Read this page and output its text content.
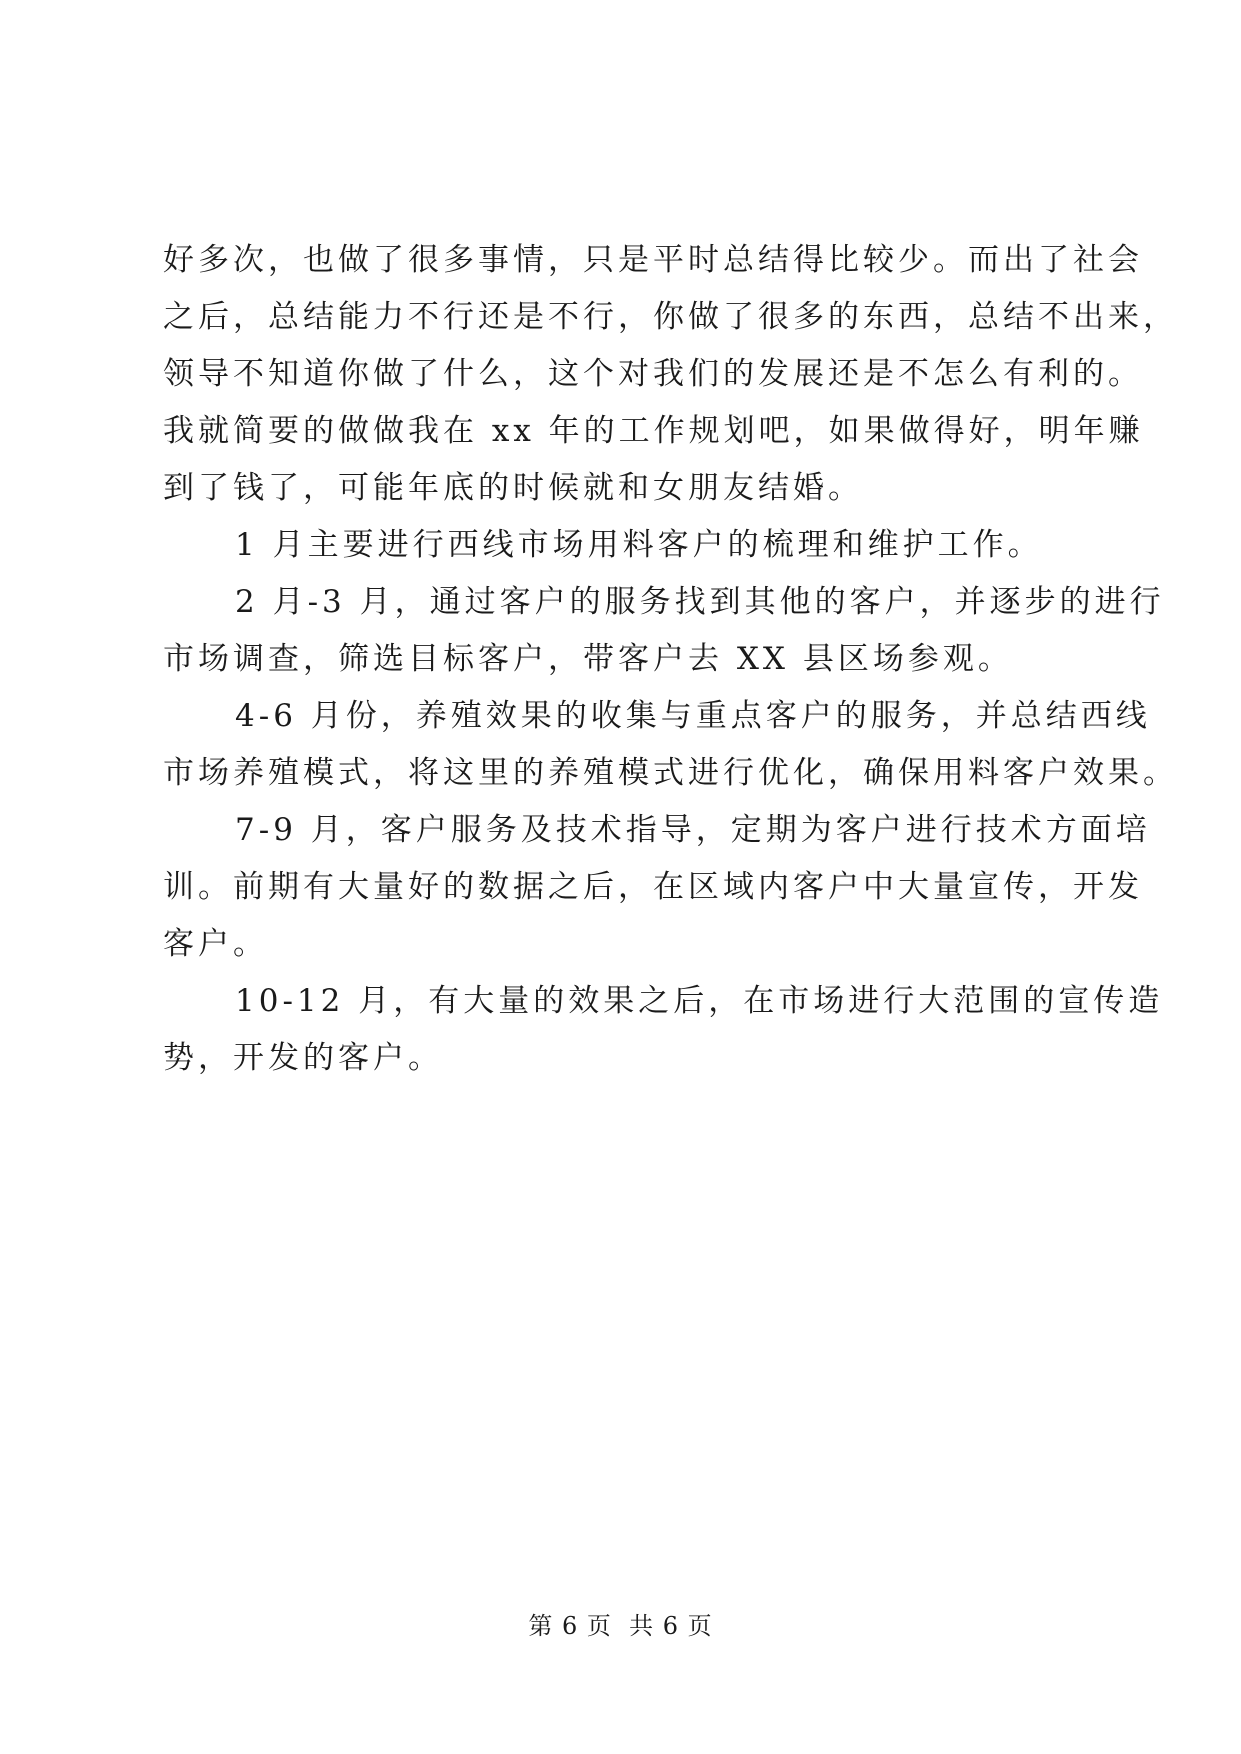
好多次，也做了很多事情，只是平时总结得比较少。而出了社会
之后，总结能力不行还是不行，你做了很多的东西，总结不出来，
领导不知道你做了什么，这个对我们的发展还是不怎么有利的。
我就简要的做做我在 xx 年的工作规划吧，如果做得好，明年赚
到了钱了，可能年底的时候就和女朋友结婚。

1 月主要进行西线市场用料客户的梳理和维护工作。

2 月-3 月，通过客户的服务找到其他的客户，并逐步的进行
市场调查，筛选目标客户，带客户去 XX 县区场参观。

4-6 月份，养殖效果的收集与重点客户的服务，并总结西线
市场养殖模式，将这里的养殖模式进行优化，确保用料客户效果。

7-9 月，客户服务及技术指导，定期为客户进行技术方面培
训。前期有大量好的数据之后，在区域内客户中大量宣传，开发
客户。

10-12 月，有大量的效果之后，在市场进行大范围的宣传造
势，开发的客户。

第 6 页  共 6 页
